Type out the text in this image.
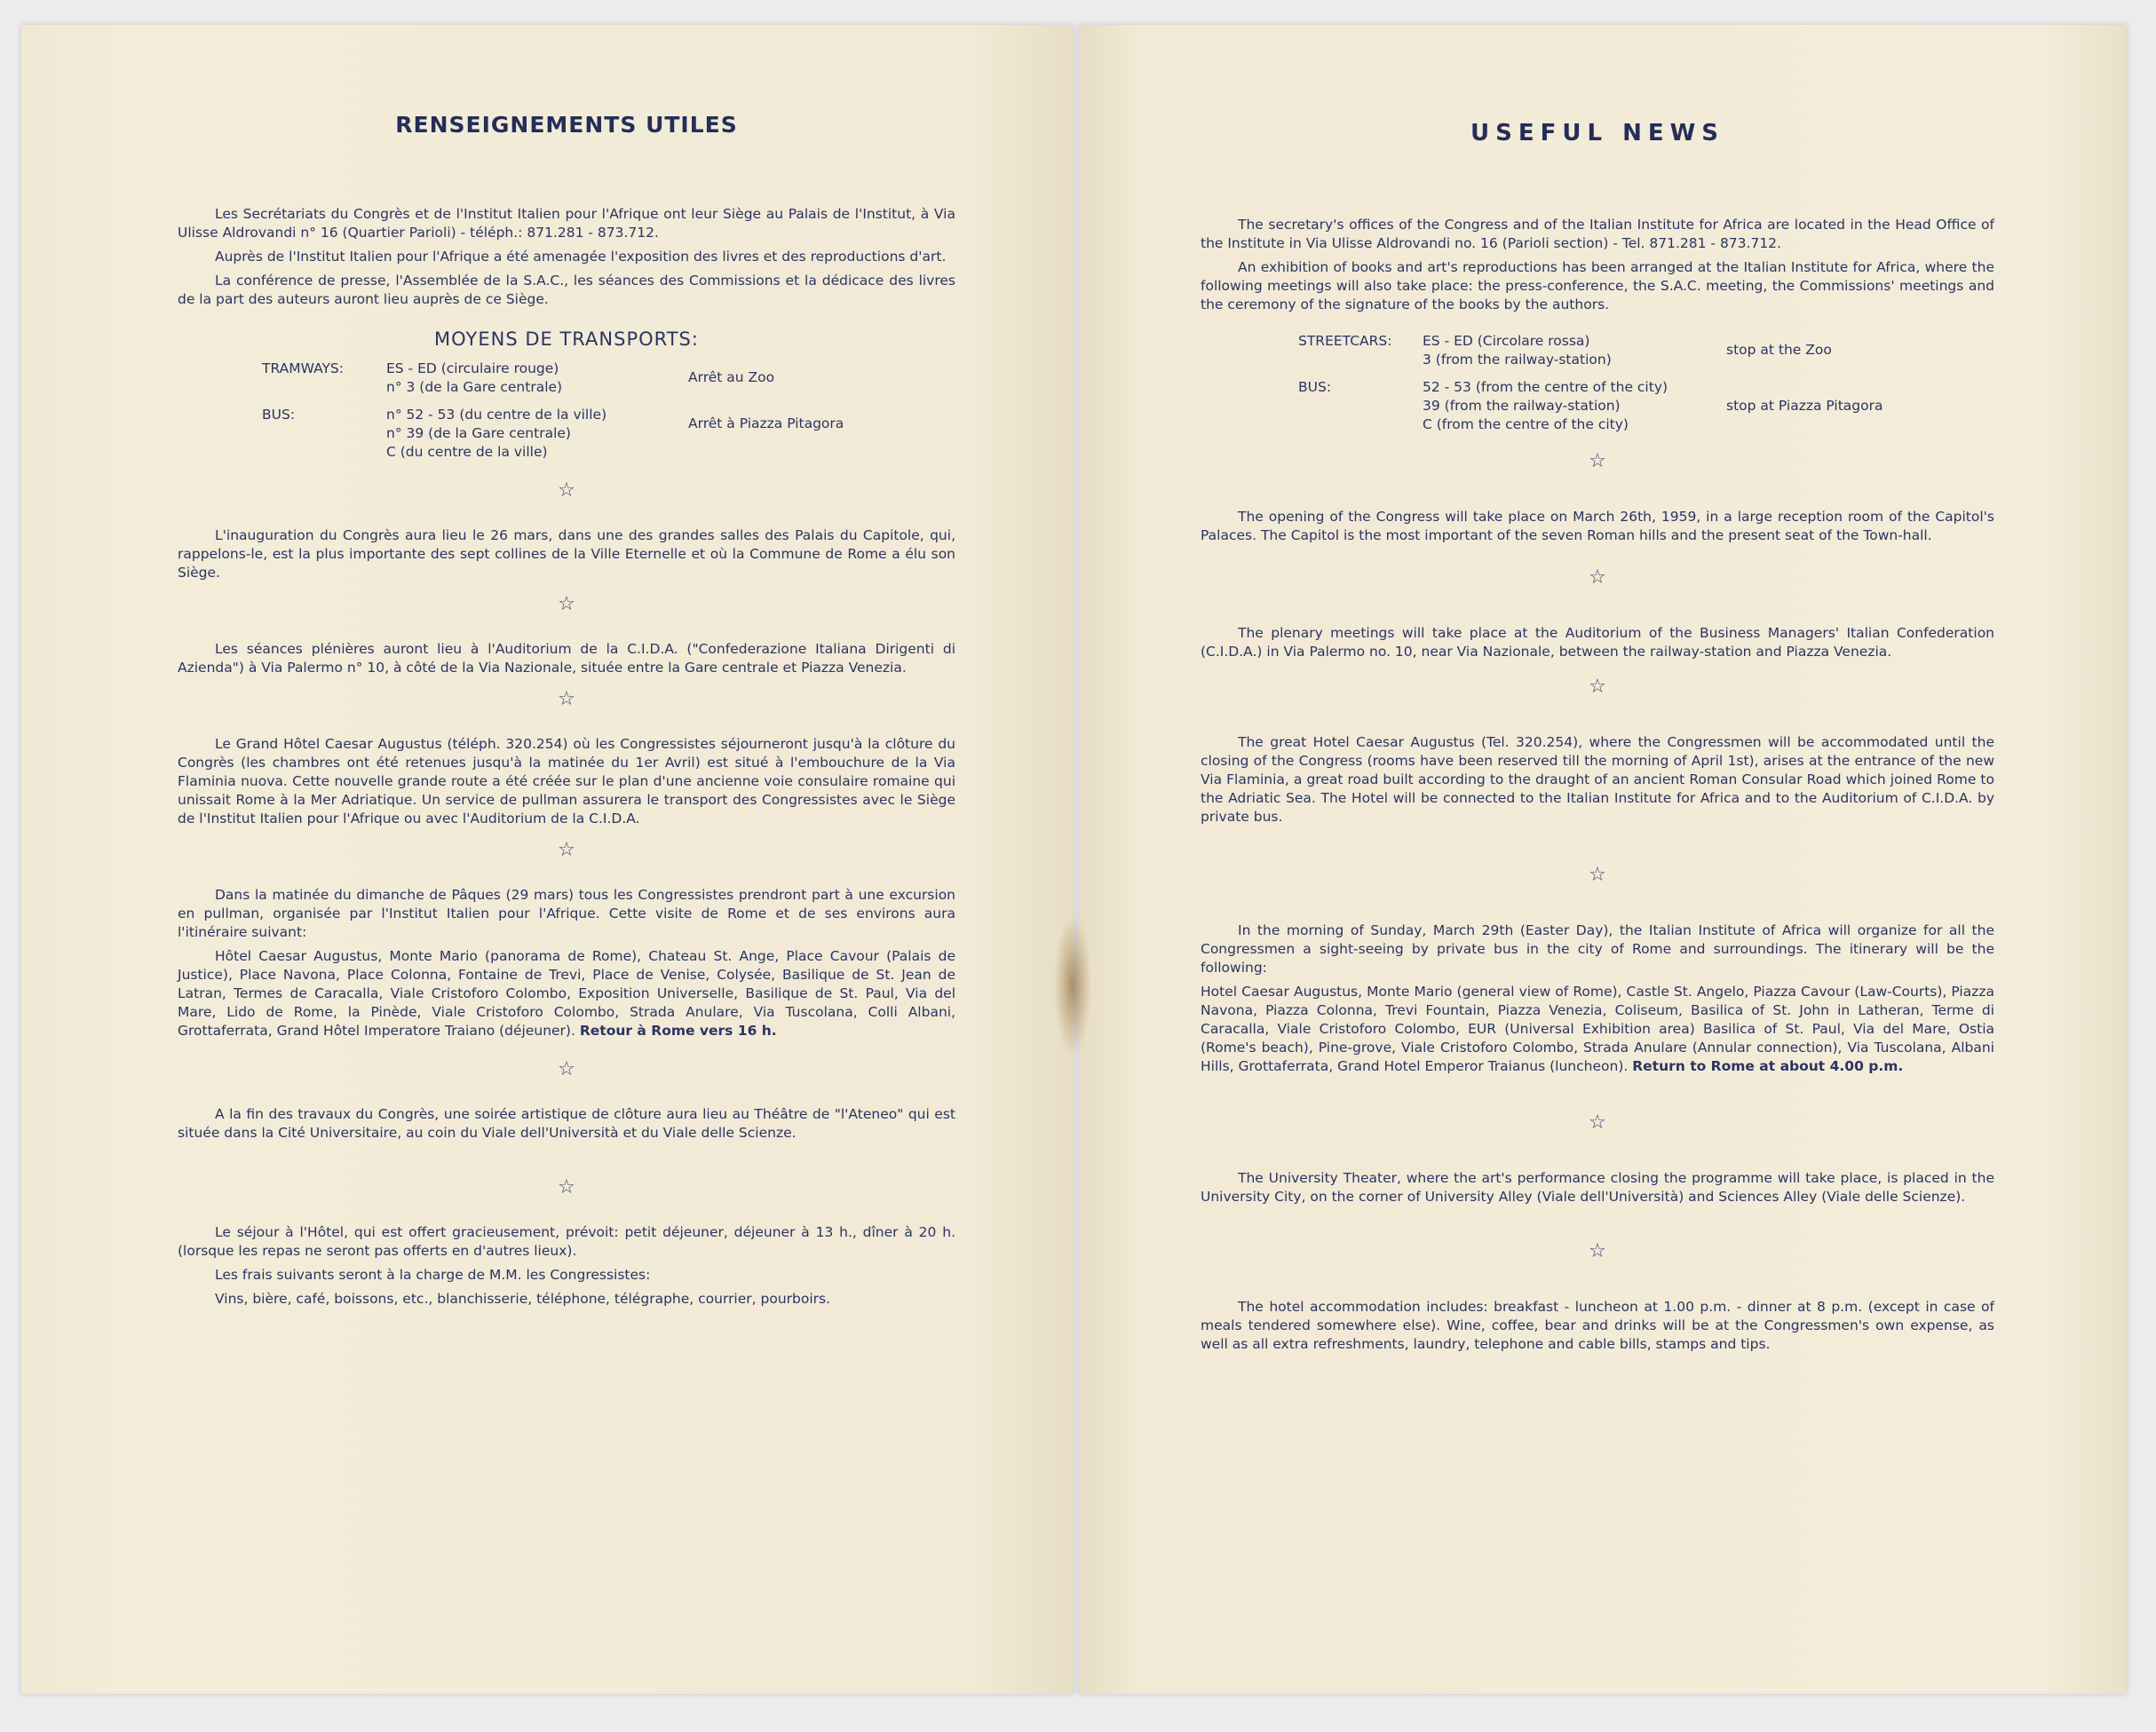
RENSEIGNEMENTS UTILES

Les Secrétariats du Congrès et de l'Institut Italien pour l'Afrique ont leur Siège au Palais de l'Institut, à Via Ulisse Aldrovandi n° 16 (Quartier Parioli) - téléph.: 871.281 - 873.712.

Auprès de l'Institut Italien pour l'Afrique a été amenagée l'exposition des livres et des reproductions d'art.

La conférence de presse, l'Assemblée de la S.A.C., les séances des Commissions et la dédicace des livres de la part des auteurs auront lieu auprès de ce Siège.

MOYENS DE TRANSPORTS:
TRAMWAYS:	ES - ED (circulaire rouge)
n° 3 (de la Gare centrale)	Arrêt au Zoo

BUS:	n° 52 - 53 (du centre de la ville)
n° 39 (de la Gare centrale)
C (du centre de la ville)	Arrêt à Piazza Pitagora
☆

L'inauguration du Congrès aura lieu le 26 mars, dans une des grandes salles des Palais du Capitole, qui, rappelons-le, est la plus importante des sept collines de la Ville Eternelle et où la Commune de Rome a élu son Siège.

☆

Les séances plénières auront lieu à l'Auditorium de la C.I.D.A. ("Confederazione Italiana Dirigenti di Azienda") à Via Palermo n° 10, à côté de la Via Nazionale, située entre la Gare centrale et Piazza Venezia.

☆

Le Grand Hôtel Caesar Augustus (téléph. 320.254) où les Congressistes séjourneront jusqu'à la clôture du Congrès (les chambres ont été retenues jusqu'à la matinée du 1er Avril) est situé à l'embouchure de la Via Flaminia nuova. Cette nouvelle grande route a été créée sur le plan d'une ancienne voie consulaire romaine qui unissait Rome à la Mer Adriatique. Un service de pullman assurera le transport des Congressistes avec le Siège de l'Institut Italien pour l'Afrique ou avec l'Auditorium de la C.I.D.A.

☆

Dans la matinée du dimanche de Pâques (29 mars) tous les Congressistes prendront part à une excursion en pullman, organisée par l'Institut Italien pour l'Afrique. Cette visite de Rome et de ses environs aura l'itinéraire suivant:

Hôtel Caesar Augustus, Monte Mario (panorama de Rome), Chateau St. Ange, Place Cavour (Palais de Justice), Place Navona, Place Colonna, Fontaine de Trevi, Place de Venise, Colysée, Basilique de St. Jean de Latran, Termes de Caracalla, Viale Cristoforo Colombo, Exposition Universelle, Basilique de St. Paul, Via del Mare, Lido de Rome, la Pinède, Viale Cristoforo Colombo, Strada Anulare, Via Tuscolana, Colli Albani, Grottaferrata, Grand Hôtel Imperatore Traiano (déjeuner). Retour à Rome vers 16 h.

☆

A la fin des travaux du Congrès, une soirée artistique de clôture aura lieu au Théâtre de "l'Ateneo" qui est située dans la Cité Universitaire, au coin du Viale dell'Università et du Viale delle Scienze.

☆

Le séjour à l'Hôtel, qui est offert gracieusement, prévoit: petit déjeuner, déjeuner à 13 h., dîner à 20 h. (lorsque les repas ne seront pas offerts en d'autres lieux).

Les frais suivants seront à la charge de M.M. les Congressistes:

Vins, bière, café, boissons, etc., blanchisserie, téléphone, télégraphe, courrier, pourboirs.

USEFUL NEWS

The secretary's offices of the Congress and of the Italian Institute for Africa are located in the Head Office of the Institute in Via Ulisse Aldrovandi no. 16 (Parioli section) - Tel. 871.281 - 873.712.

An exhibition of books and art's reproductions has been arranged at the Italian Institute for Africa, where the following meetings will also take place: the press-conference, the S.A.C. meeting, the Commissions' meetings and the ceremony of the signature of the books by the authors.

STREETCARS:	ES - ED (Circolare rossa)
3 (from the railway-station)	stop at the Zoo

BUS:	52 - 53 (from the centre of the city)
39 (from the railway-station)
C (from the centre of the city)	stop at Piazza Pitagora
☆

The opening of the Congress will take place on March 26th, 1959, in a large reception room of the Capitol's Palaces. The Capitol is the most important of the seven Roman hills and the present seat of the Town-hall.

☆

The plenary meetings will take place at the Auditorium of the Business Managers' Italian Confederation (C.I.D.A.) in Via Palermo no. 10, near Via Nazionale, between the railway-station and Piazza Venezia.

☆

The great Hotel Caesar Augustus (Tel. 320.254), where the Congressmen will be accommodated until the closing of the Congress (rooms have been reserved till the morning of April 1st), arises at the entrance of the new Via Flaminia, a great road built according to the draught of an ancient Roman Consular Road which joined Rome to the Adriatic Sea. The Hotel will be connected to the Italian Institute for Africa and to the Auditorium of C.I.D.A. by private bus.

☆

In the morning of Sunday, March 29th (Easter Day), the Italian Institute of Africa will organize for all the Congressmen a sight-seeing by private bus in the city of Rome and surroundings. The itinerary will be the following:

Hotel Caesar Augustus, Monte Mario (general view of Rome), Castle St. Angelo, Piazza Cavour (Law-Courts), Piazza Navona, Piazza Colonna, Trevi Fountain, Piazza Venezia, Coliseum, Basilica of St. John in Latheran, Terme di Caracalla, Viale Cristoforo Colombo, EUR (Universal Exhibition area) Basilica of St. Paul, Via del Mare, Ostia (Rome's beach), Pine-grove, Viale Cristoforo Colombo, Strada Anulare (Annular connection), Via Tuscolana, Albani Hills, Grottaferrata, Grand Hotel Emperor Traianus (luncheon). Return to Rome at about 4.00 p.m.

☆

The University Theater, where the art's performance closing the programme will take place, is placed in the University City, on the corner of University Alley (Viale dell'Università) and Sciences Alley (Viale delle Scienze).

☆

The hotel accommodation includes: breakfast - luncheon at 1.00 p.m. - dinner at 8 p.m. (except in case of meals tendered somewhere else). Wine, coffee, bear and drinks will be at the Congressmen's own expense, as well as all extra refreshments, laundry, telephone and cable bills, stamps and tips.
